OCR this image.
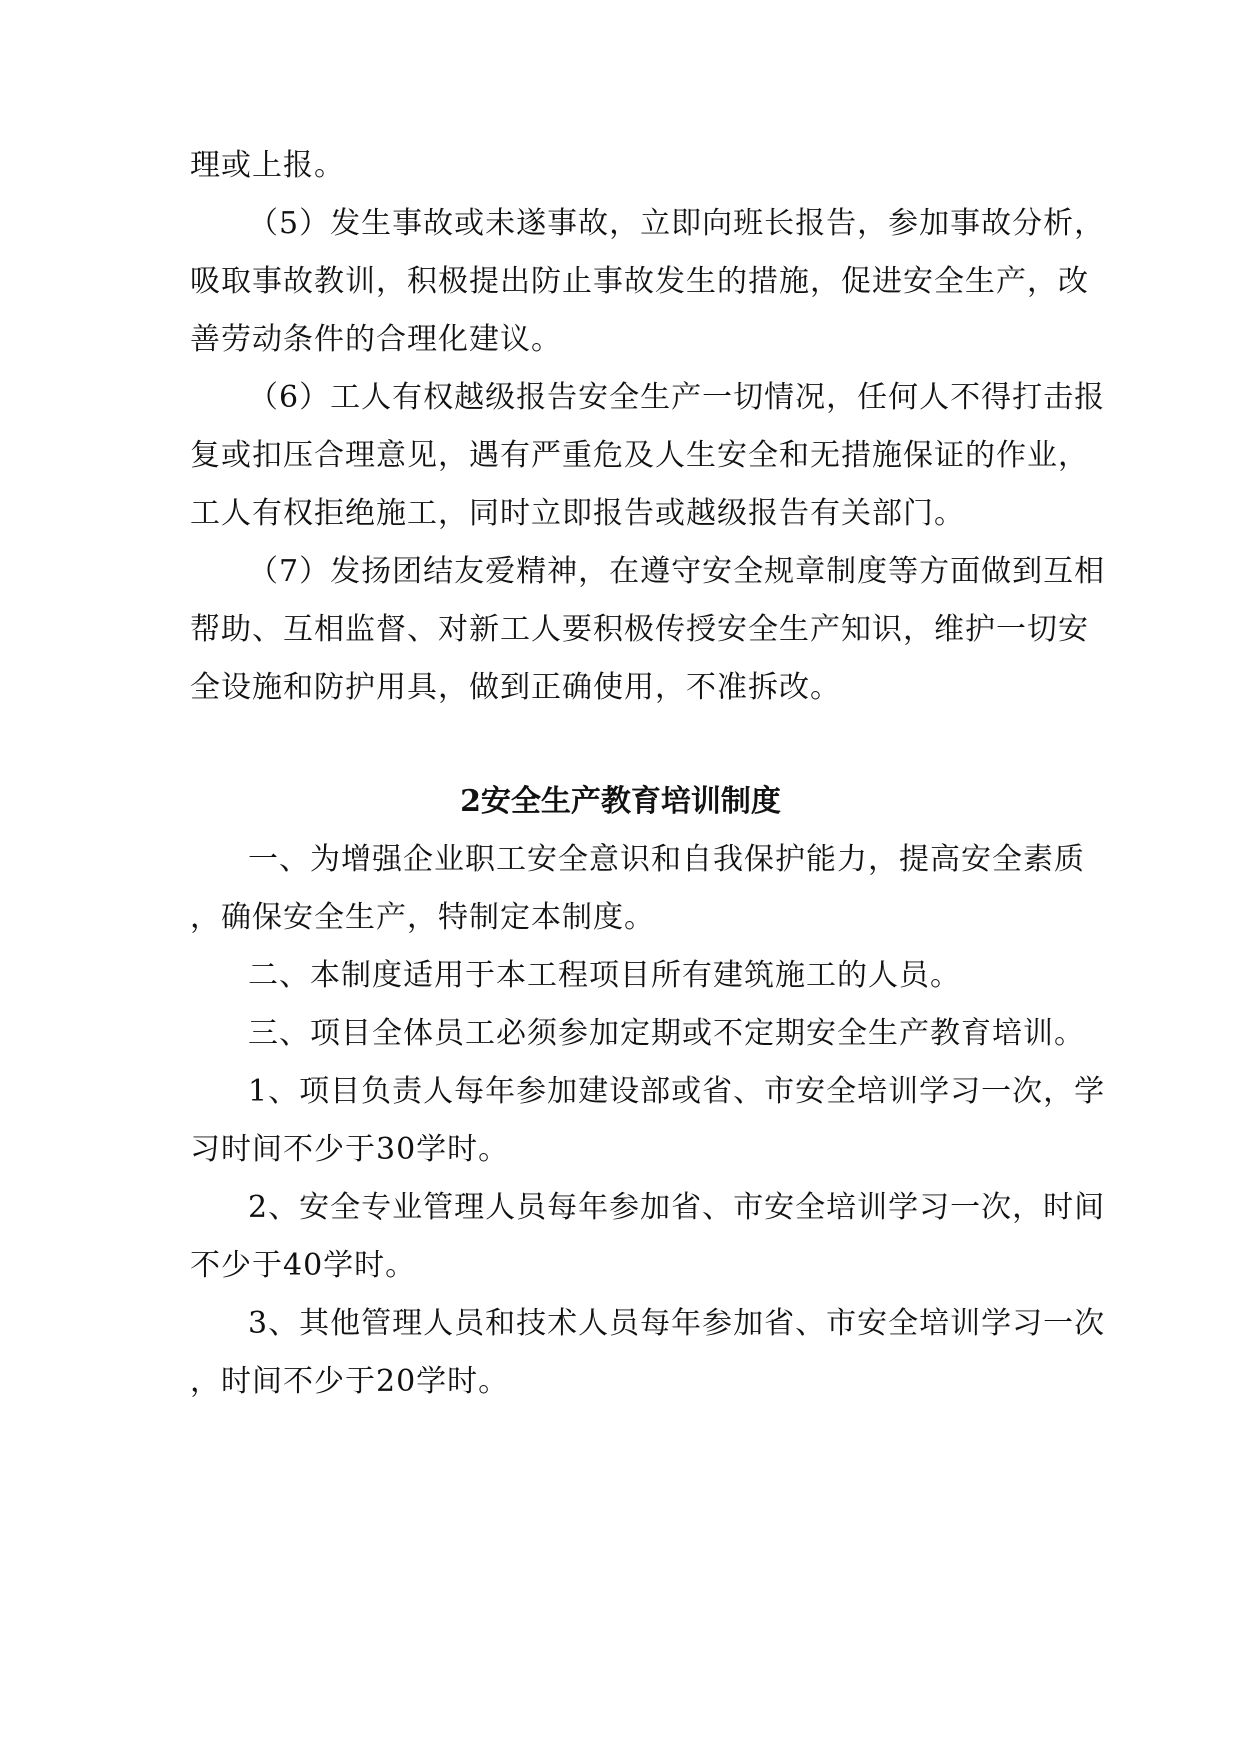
理或上报。
（5）发生事故或未遂事故，立即向班长报告，参加事故分析，
吸取事故教训，积极提出防止事故发生的措施，促进安全生产，改
善劳动条件的合理化建议。
（6）工人有权越级报告安全生产一切情况，任何人不得打击报
复或扣压合理意见，遇有严重危及人生安全和无措施保证的作业，
工人有权拒绝施工，同时立即报告或越级报告有关部门。
（7）发扬团结友爱精神，在遵守安全规章制度等方面做到互相
帮助、互相监督、对新工人要积极传授安全生产知识，维护一切安
全设施和防护用具，做到正确使用，不准拆改。
2安全生产教育培训制度
一、为增强企业职工安全意识和自我保护能力，提高安全素质
，确保安全生产，特制定本制度。
二、本制度适用于本工程项目所有建筑施工的人员。
三、项目全体员工必须参加定期或不定期安全生产教育培训。
1、项目负责人每年参加建设部或省、市安全培训学习一次，学
习时间不少于30学时。
2、安全专业管理人员每年参加省、市安全培训学习一次，时间
不少于40学时。
3、其他管理人员和技术人员每年参加省、市安全培训学习一次
，时间不少于20学时。
